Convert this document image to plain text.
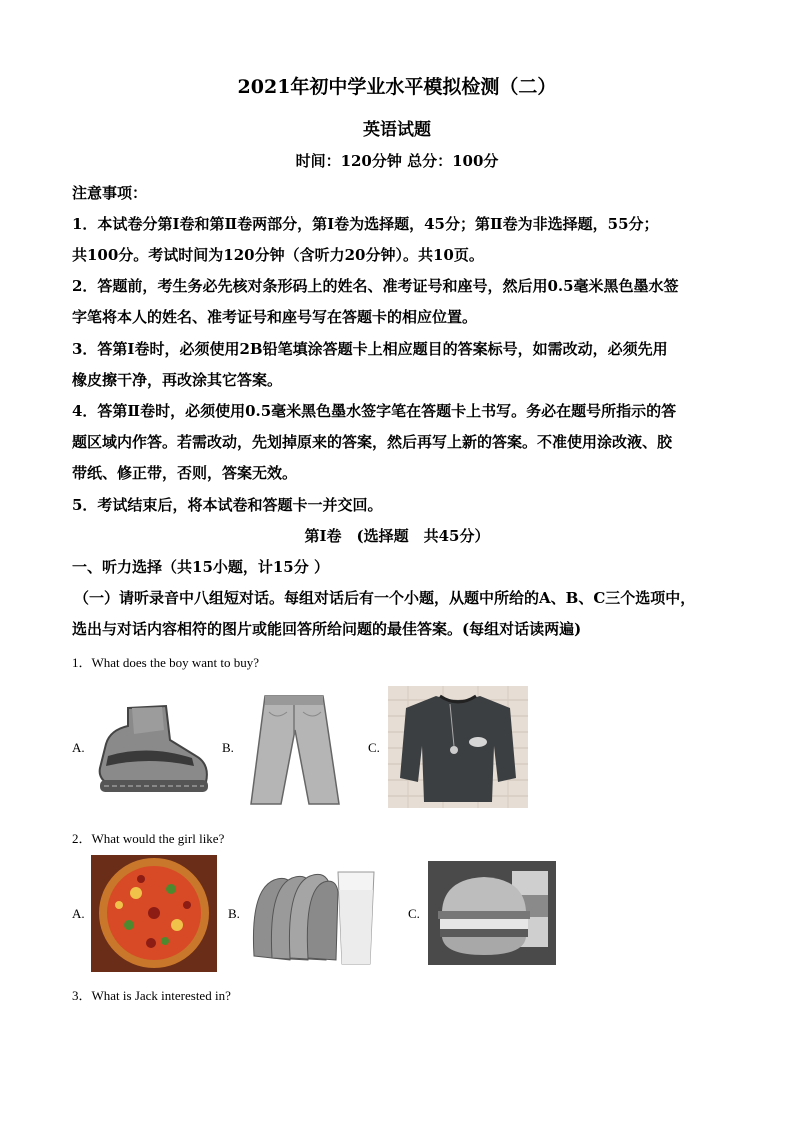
2021年初中学业水平模拟检测（二）
英语试题
时间：120分钟 总分：100分
注意事项：
1．本试卷分第Ⅰ卷和第Ⅱ卷两部分，第Ⅰ卷为选择题，45分；第Ⅱ卷为非选择题，55分；
共100分。考试时间为120分钟（含听力20分钟）。共10页。
2．答题前，考生务必先核对条形码上的姓名、准考证号和座号，然后用0.5毫米黑色墨水签
字笔将本人的姓名、准考证号和座号写在答题卡的相应位置。
3．答第Ⅰ卷时，必须使用2B铅笔填涂答题卡上相应题目的答案标号，如需改动，必须先用
橡皮擦干净，再改涂其它答案。
4．答第Ⅱ卷时，必须使用0.5毫米黑色墨水签字笔在答题卡上书写。务必在题号所指示的答
题区域内作答。若需改动，先划掉原来的答案，然后再写上新的答案。不准使用涂改液、胶
带纸、修正带，否则，答案无效。
5．考试结束后，将本试卷和答题卡一并交回。
第Ⅰ卷　(选择题　共45分）
一、听力选择（共15小题，计15分 ）
（一）请听录音中八组短对话。每组对话后有一个小题，从题中所给的A、B、C三个选项中，
选出与对话内容相符的图片或能回答所给问题的最佳答案。(每组对话读两遍)
1．What does the boy want to buy?
A.	B.	C.
2．What would the girl like?
A.	B.	C.
3．What is Jack interested in?
